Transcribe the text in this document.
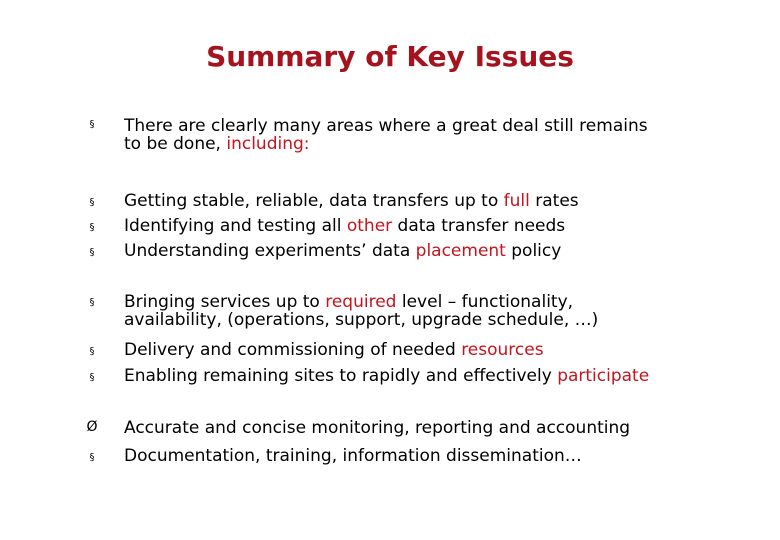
Summary of Key Issues
§ There are clearly many areas where a great deal still remains
to be done, including:
§ Getting stable, reliable, data transfers up to full rates
§ Identifying and testing all other data transfer needs
§ Understanding experiments’ data placement policy
§ Bringing services up to required level – functionality,
availability, (operations, support, upgrade schedule, …)
§ Delivery and commissioning of needed resources
§ Enabling remaining sites to rapidly and effectively participate
Ø Accurate and concise monitoring, reporting and accounting
§ Documentation, training, information dissemination…
